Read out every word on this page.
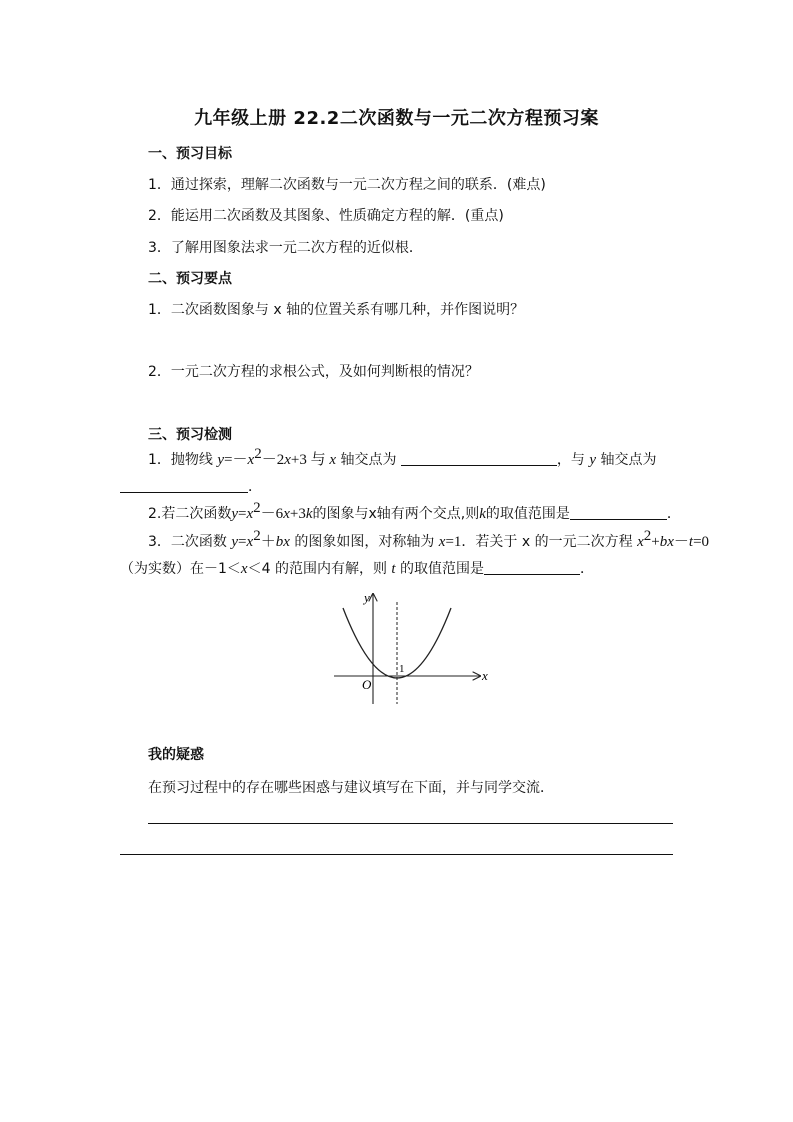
九年级上册 22.2二次函数与一元二次方程预习案
一、预习目标
1．通过探索，理解二次函数与一元二次方程之间的联系．(难点)
2．能运用二次函数及其图象、性质确定方程的解．(重点)
3．了解用图象法求一元二次方程的近似根．
二、预习要点
1．二次函数图象与 x 轴的位置关系有哪几种，并作图说明？
2．一元二次方程的求根公式，及如何判断根的情况？
三、预习检测
1．抛物线 $y=-x^2-2x+3$ 与 x 轴交点为	，与 y 轴交点为
．
2.若二次函数$y=x^2-6x+3k$的图象与x轴有两个交点,则k的取值范围是	．
3．二次函数 $y=x^2+bx$ 的图象如图，对称轴为 x=1．若关于 x 的一元二次方程 $x^2+bx-t=0$
（为实数）在－1＜x＜4 的范围内有解，则 t 的取值范围是	．
x
y
O
1
我的疑惑
在预习过程中的存在哪些困惑与建议填写在下面，并与同学交流．
